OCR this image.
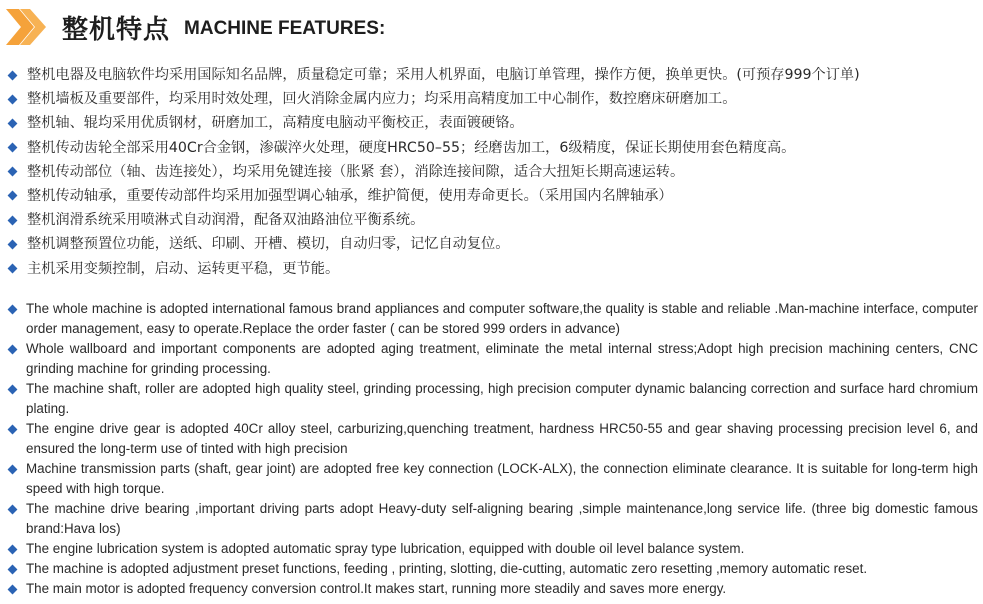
整机特点 MACHINE FEATURES:
整机电器及电脑软件均采用国际知名品牌，质量稳定可靠；采用人机界面，电脑订单管理，操作方便，换单更快。(可预存999个订单)
整机墙板及重要部件，均采用时效处理，回火消除金属内应力；均采用高精度加工中心制作，数控磨床研磨加工。
整机轴、辊均采用优质钢材，研磨加工，高精度电脑动平衡校正，表面镀硬铬。
整机传动齿轮全部采用40Cr合金钢，渗碳淬火处理，硬度HRC50–55；经磨齿加工，6级精度，保证长期使用套色精度高。
整机传动部位（轴、齿连接处），均采用免键连接（胀紧 套），消除连接间隙，适合大扭矩长期高速运转。
整机传动轴承，重要传动部件均采用加强型调心轴承，维护简便，使用寿命更长。（采用国内名牌轴承）
整机润滑系统采用喷淋式自动润滑，配备双油路油位平衡系统。
整机调整预置位功能，送纸、印刷、开槽、模切，自动归零，记忆自动复位。
主机采用变频控制，启动、运转更平稳，更节能。
The whole machine is adopted international famous brand appliances and computer software,the quality is stable and reliable .Man-machine interface, computer order management, easy to operate.Replace the order faster ( can be stored 999 orders in advance)
Whole wallboard and important components are adopted aging treatment, eliminate the metal internal stress;Adopt high precision machining centers, CNC grinding machine for grinding processing.
The machine shaft, roller are adopted high quality steel, grinding processing, high precision computer dynamic balancing correction and surface hard chromium plating.
The engine drive gear is adopted 40Cr alloy steel, carburizing,quenching treatment, hardness HRC50-55 and gear shaving processing precision level 6, and ensured the long-term use of tinted with high precision
Machine transmission parts (shaft, gear joint) are adopted free key connection (LOCK-ALX), the connection eliminate clearance. It is suitable for long-term high speed with high torque.
The machine drive bearing ,important driving parts adopt Heavy-duty self-aligning bearing ,simple maintenance,long service life. (three big domestic famous brand:Hava los)
The engine lubrication system is adopted automatic spray type lubrication, equipped with double oil level balance system.
The machine is adopted adjustment preset functions, feeding , printing, slotting, die-cutting, automatic zero resetting ,memory automatic reset.
The main motor is adopted frequency conversion control.It makes start, running more steadily and saves more energy.
